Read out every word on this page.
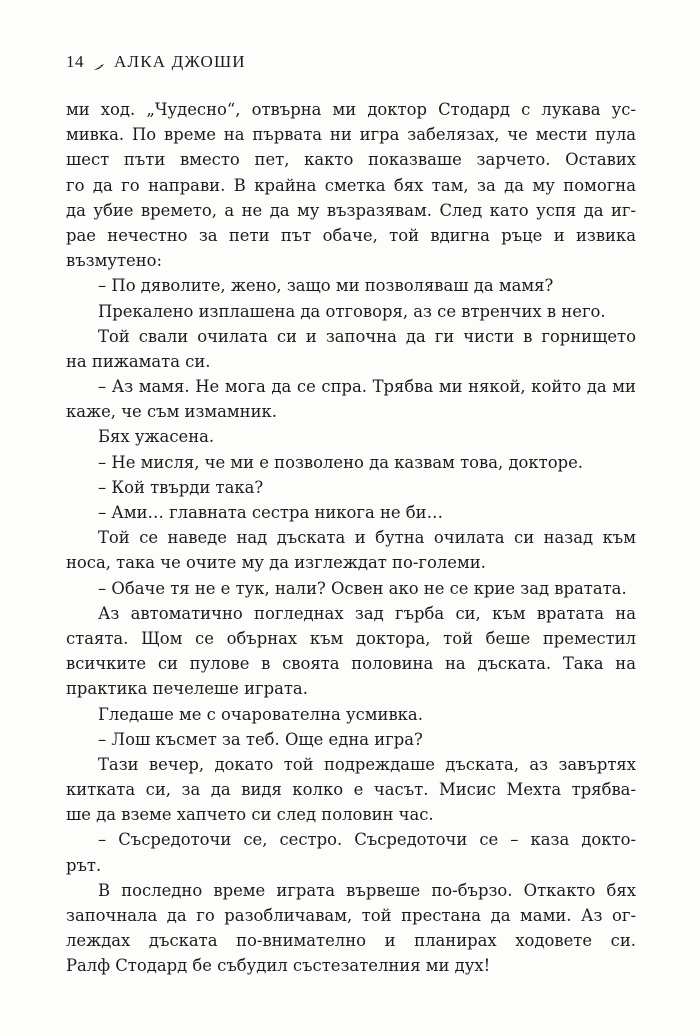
14 АЛКА ДЖОШИ
ми ход. „Чудесно“, отвърна ми доктор Стодард с лукава ус-
мивка. По време на първата ни игра забелязах, че мести пула
шест пъти вместо пет, както показваше зарчето. Оставих
го да го направи. В крайна сметка бях там, за да му помогна
да убие времето, а не да му възразявам. След като успя да иг-
рае нечестно за пети път обаче, той вдигна ръце и извика
възмутено:
– По дяволите, жено, защо ми позволяваш да мамя?
Прекалено изплашена да отговоря, аз се втренчих в него.
Той свали очилата си и започна да ги чисти в горнището
на пижамата си.
– Аз мамя. Не мога да се спра. Трябва ми някой, който да ми
каже, че съм измамник.
Бях ужасена.
– Не мисля, че ми е позволено да казвам това, докторе.
– Кой твърди така?
– Ами… главната сестра никога не би…
Той се наведе над дъската и бутна очилата си назад към
носа, така че очите му да изглеждат по-големи.
– Обаче тя не е тук, нали? Освен ако не се крие зад вратата.
Аз автоматично погледнах зад гърба си, към вратата на
стаята. Щом се обърнах към доктора, той беше преместил
всичките си пулове в своята половина на дъската. Така на
практика печелеше играта.
Гледаше ме с очарователна усмивка.
– Лош късмет за теб. Още една игра?
Тази вечер, докато той подреждаше дъската, аз завъртях
китката си, за да видя колко е часът. Мисис Мехта трябва-
ше да вземе хапчето си след половин час.
– Съсредоточи се, сестро. Съсредоточи се – каза доктo-
рът.
В последно време играта вървеше по-бързо. Откакто бях
започнала да го разобличавам, той престана да мами. Аз ог-
леждах дъската по-внимателно и планирах ходовете си.
Ралф Стодард бе събудил състезателния ми дух!
